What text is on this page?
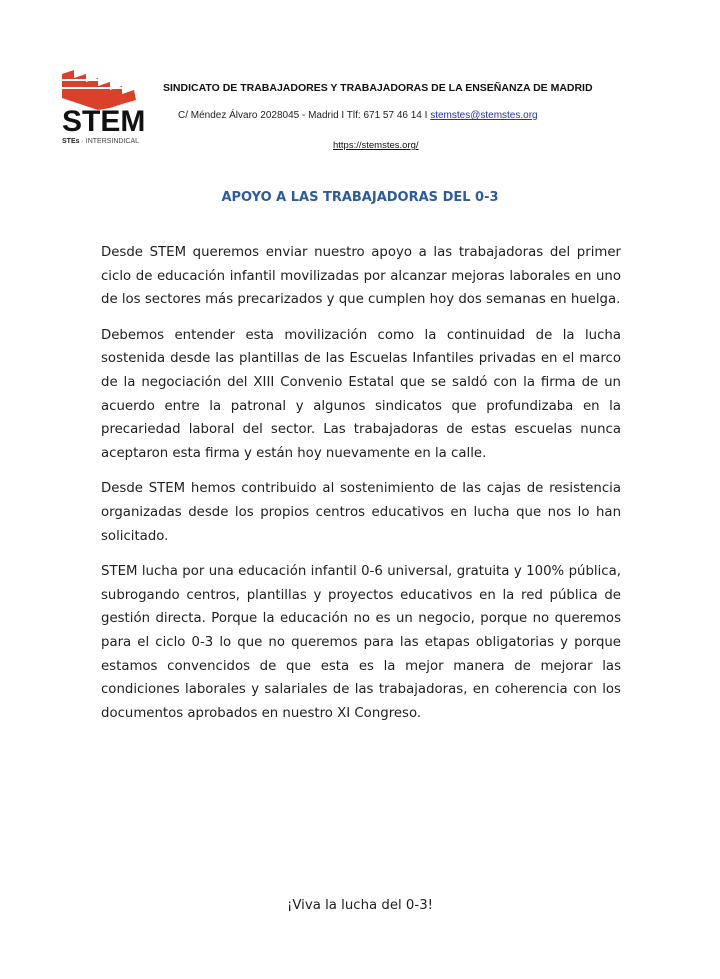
STEM
STEs · INTERSINDICAL
SINDICATO DE TRABAJADORES Y TRABAJADORAS DE LA ENSEÑANZA DE MADRID
C/ Méndez Álvaro 2028045 - Madrid I Tlf: 671 57 46 14 I stemstes@stemstes.org
https://stemstes.org/
APOYO A LAS TRABAJADORAS DEL 0-3

Desde STEM queremos enviar nuestro apoyo a las trabajadoras del primer ciclo de educación infantil movilizadas por alcanzar mejoras laborales en uno de los sectores más precarizados y que cumplen hoy dos semanas en huelga.

Debemos entender esta movilización como la continuidad de la lucha sostenida desde las plantillas de las Escuelas Infantiles privadas en el marco de la negociación del XIII Convenio Estatal que se saldó con la firma de un acuerdo entre la patronal y algunos sindicatos que profundizaba en la precariedad laboral del sector. Las trabajadoras de estas escuelas nunca aceptaron esta firma y están hoy nuevamente en la calle.

Desde STEM hemos contribuido al sostenimiento de las cajas de resistencia organizadas desde los propios centros educativos en lucha que nos lo han solicitado.

STEM lucha por una educación infantil 0-6 universal, gratuita y 100% pública, subrogando centros, plantillas y proyectos educativos en la red pública de gestión directa. Porque la educación no es un negocio, porque no queremos para el ciclo 0-3 lo que no queremos para las etapas obligatorias y porque estamos convencidos de que esta es la mejor manera de mejorar las condiciones laborales y salariales de las trabajadoras, en coherencia con los documentos aprobados en nuestro XI Congreso.

¡Viva la lucha del 0-3!
